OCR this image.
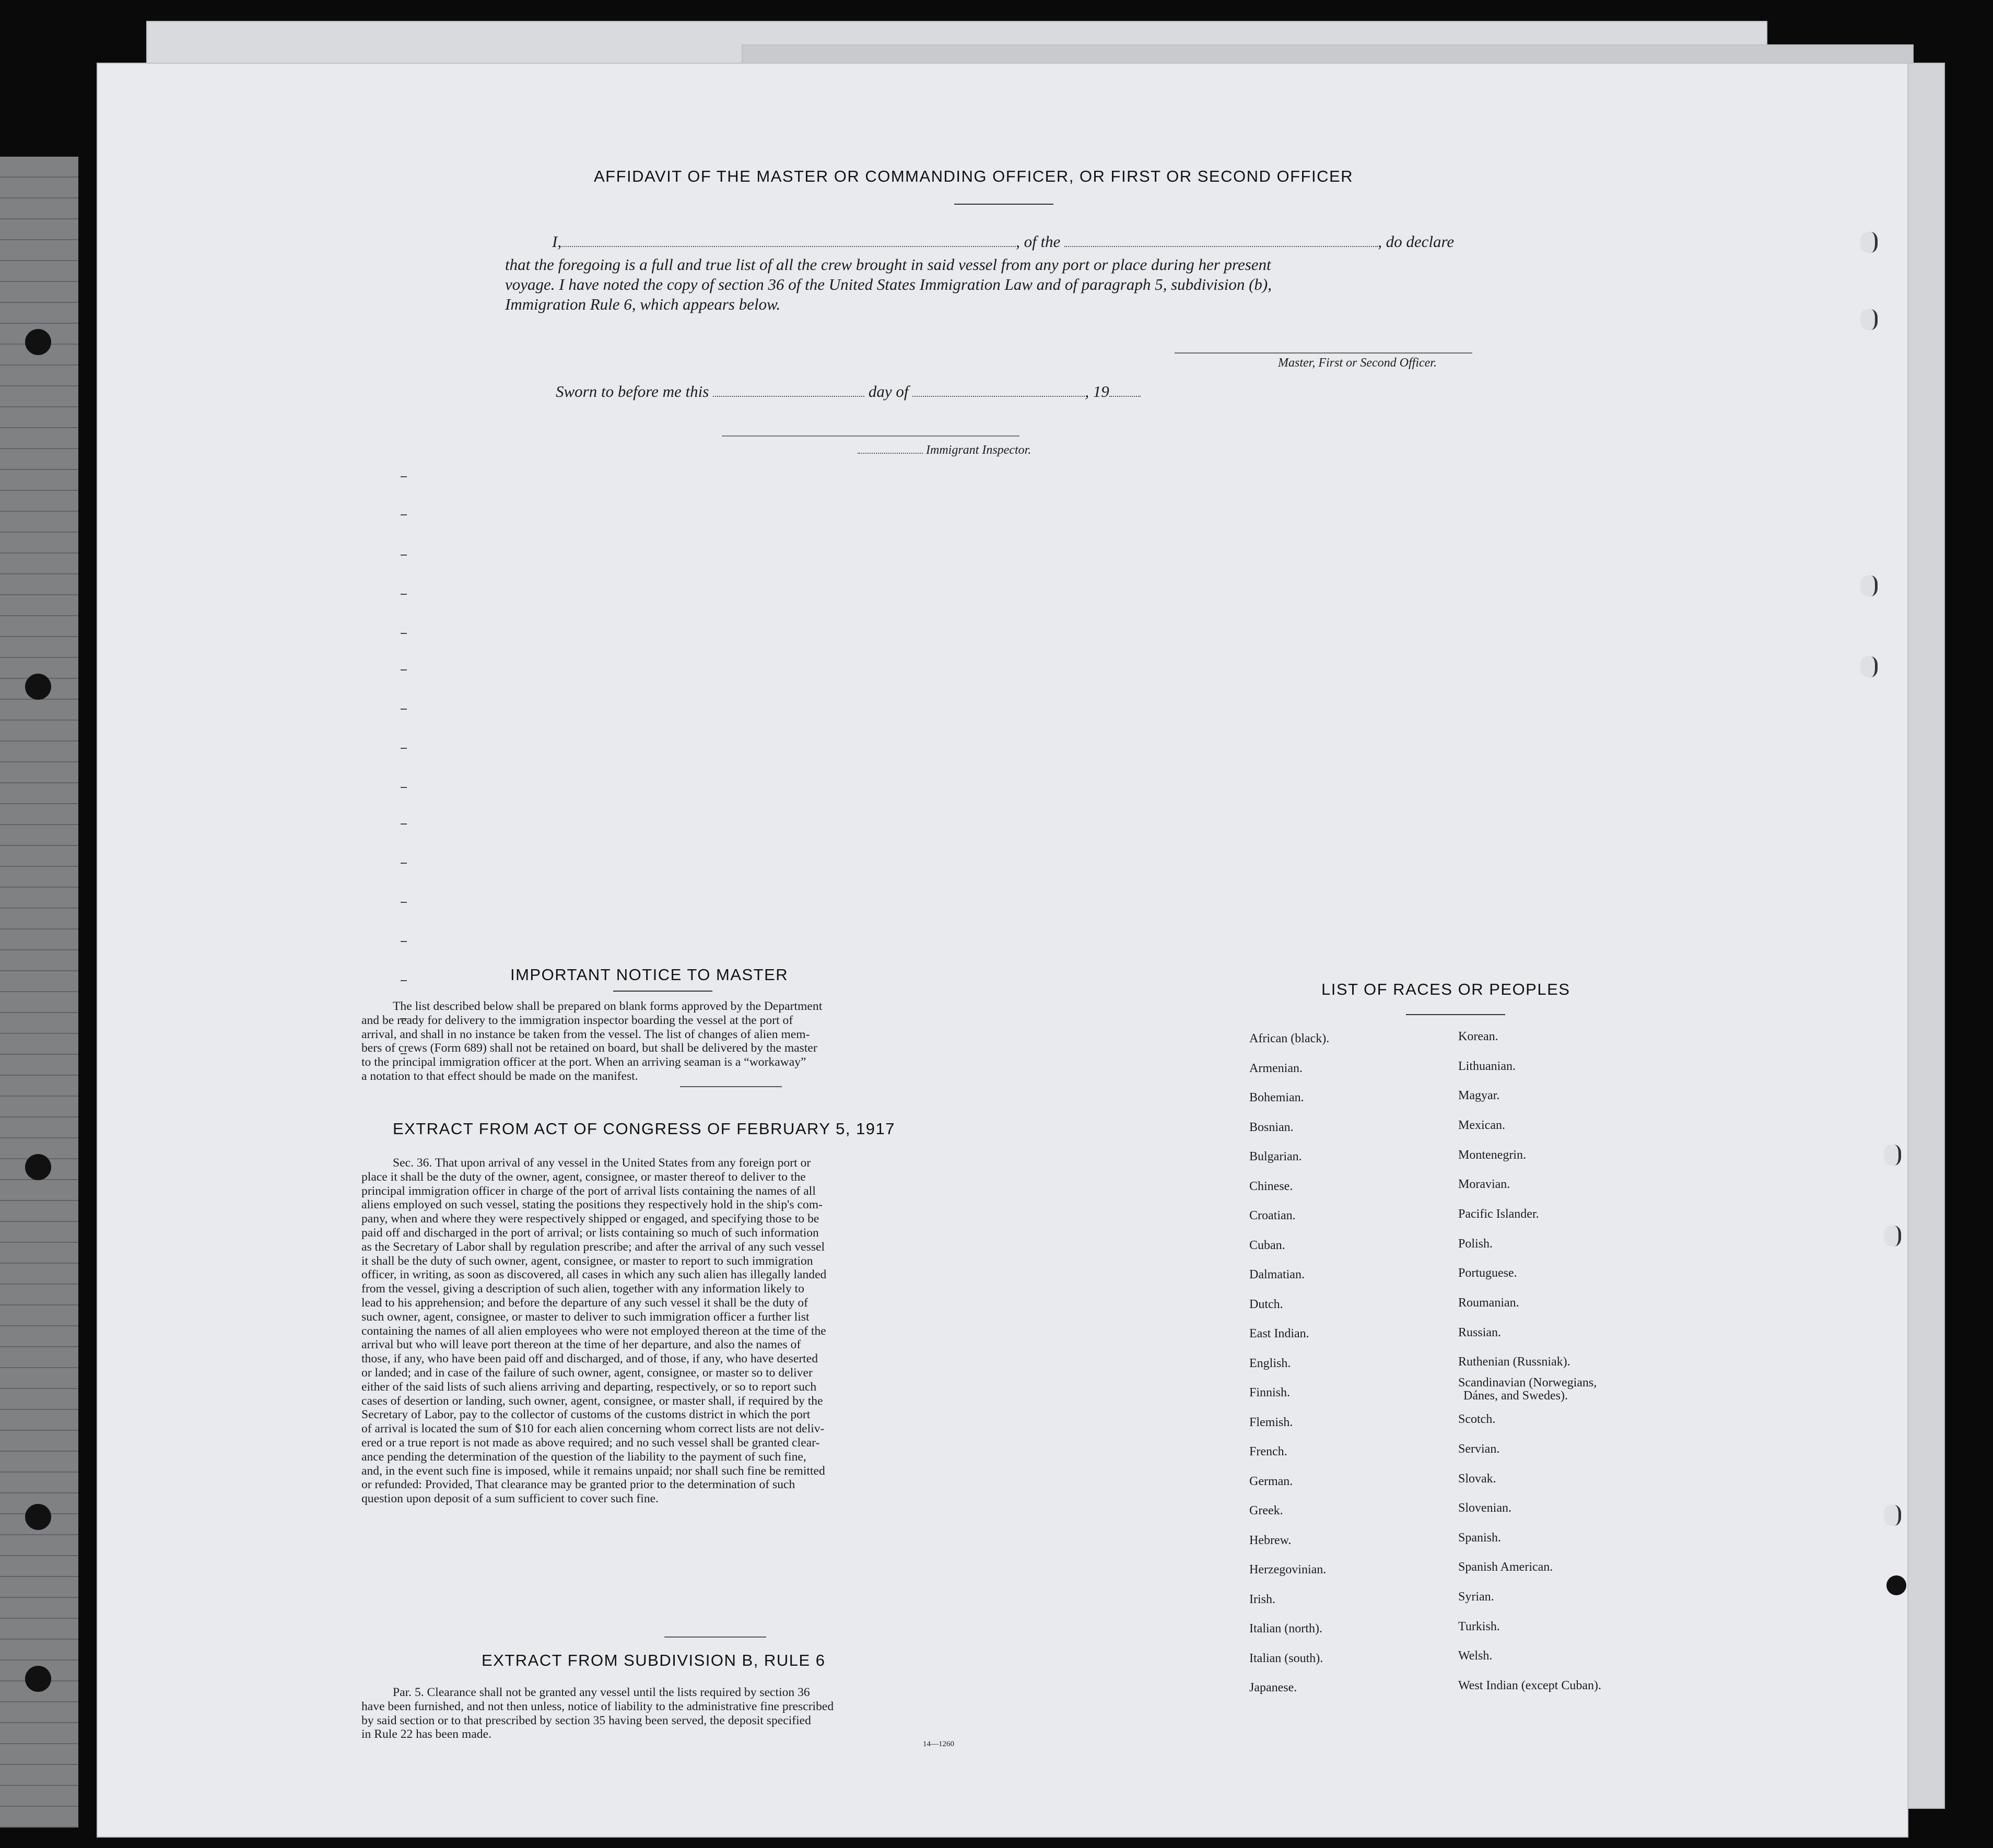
AFFIDAVIT OF THE MASTER OR COMMANDING OFFICER, OR FIRST OR SECOND OFFICER
I,	, of the	, do declare
that the foregoing is a full and true list of all the crew brought in said vessel from any port or place during her present
voyage. I have noted the copy of section 36 of the United States Immigration Law and of paragraph 5, subdivision (b),
Immigration Rule 6, which appears below.
Master, First or Second Officer.
Sworn to before me this	day of	, 19
Immigrant Inspector.
IMPORTANT NOTICE TO MASTER
The list described below shall be prepared on blank forms approved by the Department
and be ready for delivery to the immigration inspector boarding the vessel at the port of
arrival, and shall in no instance be taken from the vessel. The list of changes of alien mem-
bers of crews (Form 689) shall not be retained on board, but shall be delivered by the master
to the principal immigration officer at the port. When an arriving seaman is a “workaway”
a notation to that effect should be made on the manifest.
EXTRACT FROM ACT OF CONGRESS OF FEBRUARY 5, 1917
Sec. 36. That upon arrival of any vessel in the United States from any foreign port or
place it shall be the duty of the owner, agent, consignee, or master thereof to deliver to the
principal immigration officer in charge of the port of arrival lists containing the names of all
aliens employed on such vessel, stating the positions they respectively hold in the ship's com-
pany, when and where they were respectively shipped or engaged, and specifying those to be
paid off and discharged in the port of arrival; or lists containing so much of such information
as the Secretary of Labor shall by regulation prescribe; and after the arrival of any such vessel
it shall be the duty of such owner, agent, consignee, or master to report to such immigration
officer, in writing, as soon as discovered, all cases in which any such alien has illegally landed
from the vessel, giving a description of such alien, together with any information likely to
lead to his apprehension; and before the departure of any such vessel it shall be the duty of
such owner, agent, consignee, or master to deliver to such immigration officer a further list
containing the names of all alien employees who were not employed thereon at the time of the
arrival but who will leave port thereon at the time of her departure, and also the names of
those, if any, who have been paid off and discharged, and of those, if any, who have deserted
or landed; and in case of the failure of such owner, agent, consignee, or master so to deliver
either of the said lists of such aliens arriving and departing, respectively, or so to report such
cases of desertion or landing, such owner, agent, consignee, or master shall, if required by the
Secretary of Labor, pay to the collector of customs of the customs district in which the port
of arrival is located the sum of $10 for each alien concerning whom correct lists are not deliv-
ered or a true report is not made as above required; and no such vessel shall be granted clear-
ance pending the determination of the question of the liability to the payment of such fine,
and, in the event such fine is imposed, while it remains unpaid; nor shall such fine be remitted
or refunded: Provided, That clearance may be granted prior to the determination of such
question upon deposit of a sum sufficient to cover such fine.
EXTRACT FROM SUBDIVISION B, RULE 6
Par. 5. Clearance shall not be granted any vessel until the lists required by section 36
have been furnished, and not then unless, notice of liability to the administrative fine prescribed
by said section or to that prescribed by section 35 having been served, the deposit specified
in Rule 22 has been made.
14—1260
LIST OF RACES OR PEOPLES
African (black).
Armenian.
Bohemian.
Bosnian.
Bulgarian.
Chinese.
Croatian.
Cuban.
Dalmatian.
Dutch.
East Indian.
English.
Finnish.
Flemish.
French.
German.
Greek.
Hebrew.
Herzegovinian.
Irish.
Italian (north).
Italian (south).
Japanese.
Korean.
Lithuanian.
Magyar.
Mexican.
Montenegrin.
Moravian.
Pacific Islander.
Polish.
Portuguese.
Roumanian.
Russian.
Ruthenian (Russniak).
Scandinavian (Norwegians,
Dánes, and Swedes).
Scotch.
Servian.
Slovak.
Slovenian.
Spanish.
Spanish American.
Syrian.
Turkish.
Welsh.
West Indian (except Cuban).
